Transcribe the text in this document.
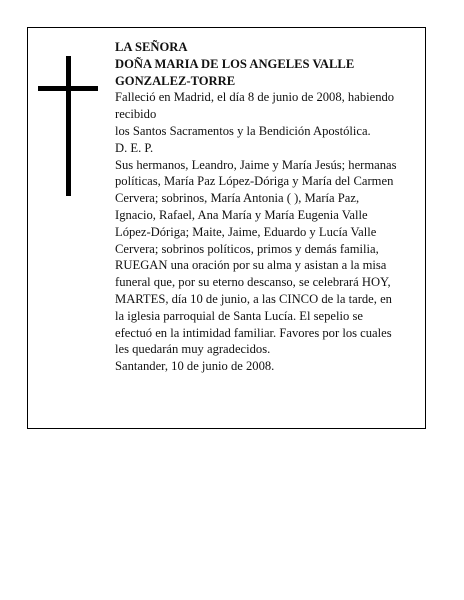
LA SEÑORA

DOÑA MARIA DE LOS ANGELES VALLE

GONZALEZ-TORRE

Falleció en Madrid, el día 8 de junio de 2008, habiendo

recibido

los Santos Sacramentos y la Bendición Apostólica.

D. E. P.

Sus hermanos, Leandro, Jaime y María Jesús; hermanas

políticas, María Paz López-Dóriga y María del Carmen

Cervera; sobrinos, María Antonia ( ), María Paz,

Ignacio, Rafael, Ana María y María Eugenia Valle

López-Dóriga; Maite, Jaime, Eduardo y Lucía Valle

Cervera; sobrinos políticos, primos y demás familia,

RUEGAN una oración por su alma y asistan a la misa

funeral que, por su eterno descanso, se celebrará HOY,

MARTES, día 10 de junio, a las CINCO de la tarde, en

la iglesia parroquial de Santa Lucía. El sepelio se

efectuó en la intimidad familiar. Favores por los cuales

les quedarán muy agradecidos.

Santander, 10 de junio de 2008.
